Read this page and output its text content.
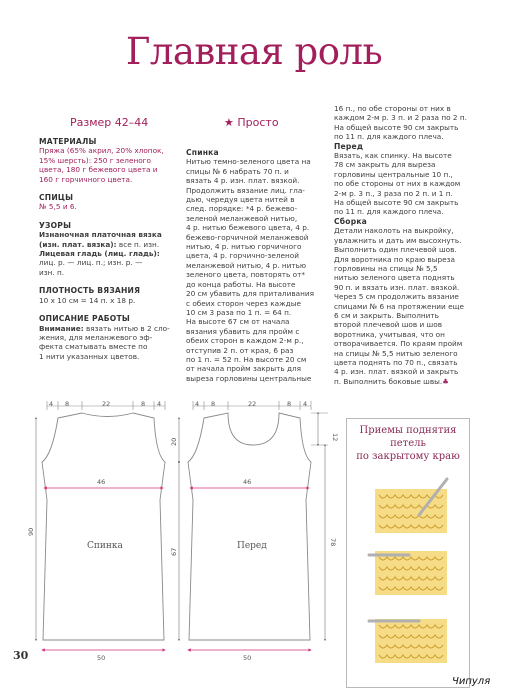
Главная роль
Размер 42–44	★ Просто
МАТЕРИАЛЫ
Пряжа (65% акрил, 20% хлопок,
15% шерсть): 250 г зеленого
цвета, 180 г бежевого цвета и
160 г горчичного цвета.
СПИЦЫ
№ 5,5 и 6.
УЗОРЫ
Изнаночная платочная вязка
(изн. плат. вязка): все п. изн.
Лицевая гладь (лиц. гладь):
лиц. р. — лиц. п.; изн. р. —
изн. п.
ПЛОТНОСТЬ ВЯЗАНИЯ
10 х 10 см = 14 п. х 18 р.
ОПИСАНИЕ РАБОТЫ
Внимание: вязать нитью в 2 сло-
жения, для меланжевого эф-
фекта сматывать вместе по
1 нити указанных цветов.
Спинка
Нитью темно-зеленого цвета на
спицы № 6 набрать 70 п. и
вязать 4 р. изн. плат. вязкой.
Продолжить вязание лиц. гла-
дью, чередуя цвета нитей в
след. порядке: *4 р. бежево-
зеленой меланжевой нитью,
4 р. нитью бежевого цвета, 4 р.
бежево-горчичной меланжевой
нитью, 4 р. нитью горчичного
цвета, 4 р. горчично-зеленой
меланжевой нитью, 4 р. нитью
зеленого цвета, повторять от*
до конца работы. На высоте
20 см убавить для приталивания
с обеих сторон через каждые
10 см 3 раза по 1 п. = 64 п.
На высоте 67 см от начала
вязания убавить для пройм с
обеих сторон в каждом 2-м р.,
отступив 2 п. от края, 6 раз
по 1 п. = 52 п. На высоте 20 см
от начала пройм закрыть для
выреза горловины центральные
16 п., по обе стороны от них в
каждом 2-м р. 3 п. и 2 раза по 2 п.
На общей высоте 90 см закрыть
по 11 п. для каждого плеча.
Перед
Вязать, как спинку. На высоте
78 см закрыть для выреза
горловины центральные 10 п.,
по обе стороны от них в каждом
2-м р. 3 п., 3 раза по 2 п. и 1 п.
На общей высоте 90 см закрыть
по 11 п. для каждого плеча.
Сборка
Детали наколоть на выкройку,
увлажнить и дать им высохнуть.
Выполнить один плечевой шов.
Для воротника по краю выреза
горловины на спицы № 5,5
нитью зеленого цвета поднять
90 п. и вязать изн. плат. вязкой.
Через 5 см продолжить вязание
спицами № 6 на протяжении еще
6 см и закрыть. Выполнить
второй плечевой шов и шов
воротника, учитывая, что он
отворачивается. По краям пройм
на спицы № 5,5 нитью зеленого
цвета поднять по 70 п., связать
4 р. изн. плат. вязкой и закрыть
п. Выполнить боковые швы.♣
4 8	22	8 4
46
Спинка
50
90
4 8	22	8 4
46
Перед
50
20
67
12
78
Приемы поднятия
петель
по закрытому краю
30
Чипуля
